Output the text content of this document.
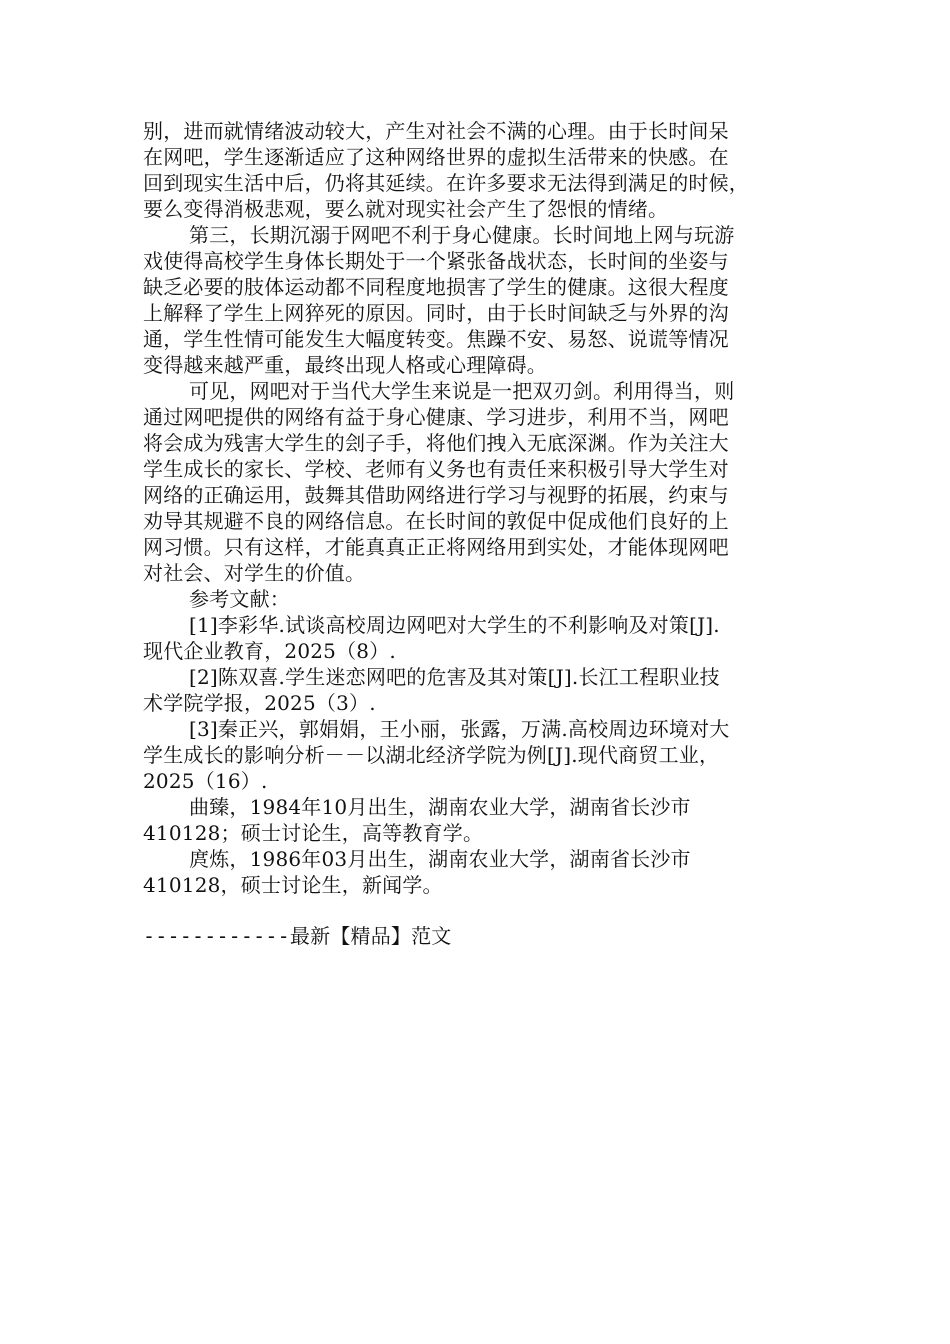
别，进而就情绪波动较大，产生对社会不满的心理。由于长时间呆
在网吧，学生逐渐适应了这种网络世界的虚拟生活带来的快感。在
回到现实生活中后，仍将其延续。在许多要求无法得到满足的时候，
要么变得消极悲观，要么就对现实社会产生了怨恨的情绪。
第三，长期沉溺于网吧不利于身心健康。长时间地上网与玩游
戏使得高校学生身体长期处于一个紧张备战状态，长时间的坐姿与
缺乏必要的肢体运动都不同程度地损害了学生的健康。这很大程度
上解释了学生上网猝死的原因。同时，由于长时间缺乏与外界的沟
通，学生性情可能发生大幅度转变。焦躁不安、易怒、说谎等情况
变得越来越严重，最终出现人格或心理障碍。
可见，网吧对于当代大学生来说是一把双刃剑。利用得当，则
通过网吧提供的网络有益于身心健康、学习进步，利用不当，网吧
将会成为残害大学生的刽子手，将他们拽入无底深渊。作为关注大
学生成长的家长、学校、老师有义务也有责任来积极引导大学生对
网络的正确运用，鼓舞其借助网络进行学习与视野的拓展，约束与
劝导其规避不良的网络信息。在长时间的敦促中促成他们良好的上
网习惯。只有这样，才能真真正正将网络用到实处，才能体现网吧
对社会、对学生的价值。
参考文献：
[1]李彩华.试谈高校周边网吧对大学生的不利影响及对策[J].
现代企业教育，2025（8）.
[2]陈双喜.学生迷恋网吧的危害及其对策[J].长江工程职业技
术学院学报，2025（3）.
[3]秦正兴，郭娟娟，王小丽，张露，万满.高校周边环境对大
学生成长的影响分析－－以湖北经济学院为例[J].现代商贸工业，
2025（16）.
曲臻，1984年10月出生，湖南农业大学，湖南省长沙市
410128；硕士讨论生，高等教育学。
庹炼，1986年03月出生，湖南农业大学，湖南省长沙市
410128，硕士讨论生，新闻学。
------------最新【精品】范文
